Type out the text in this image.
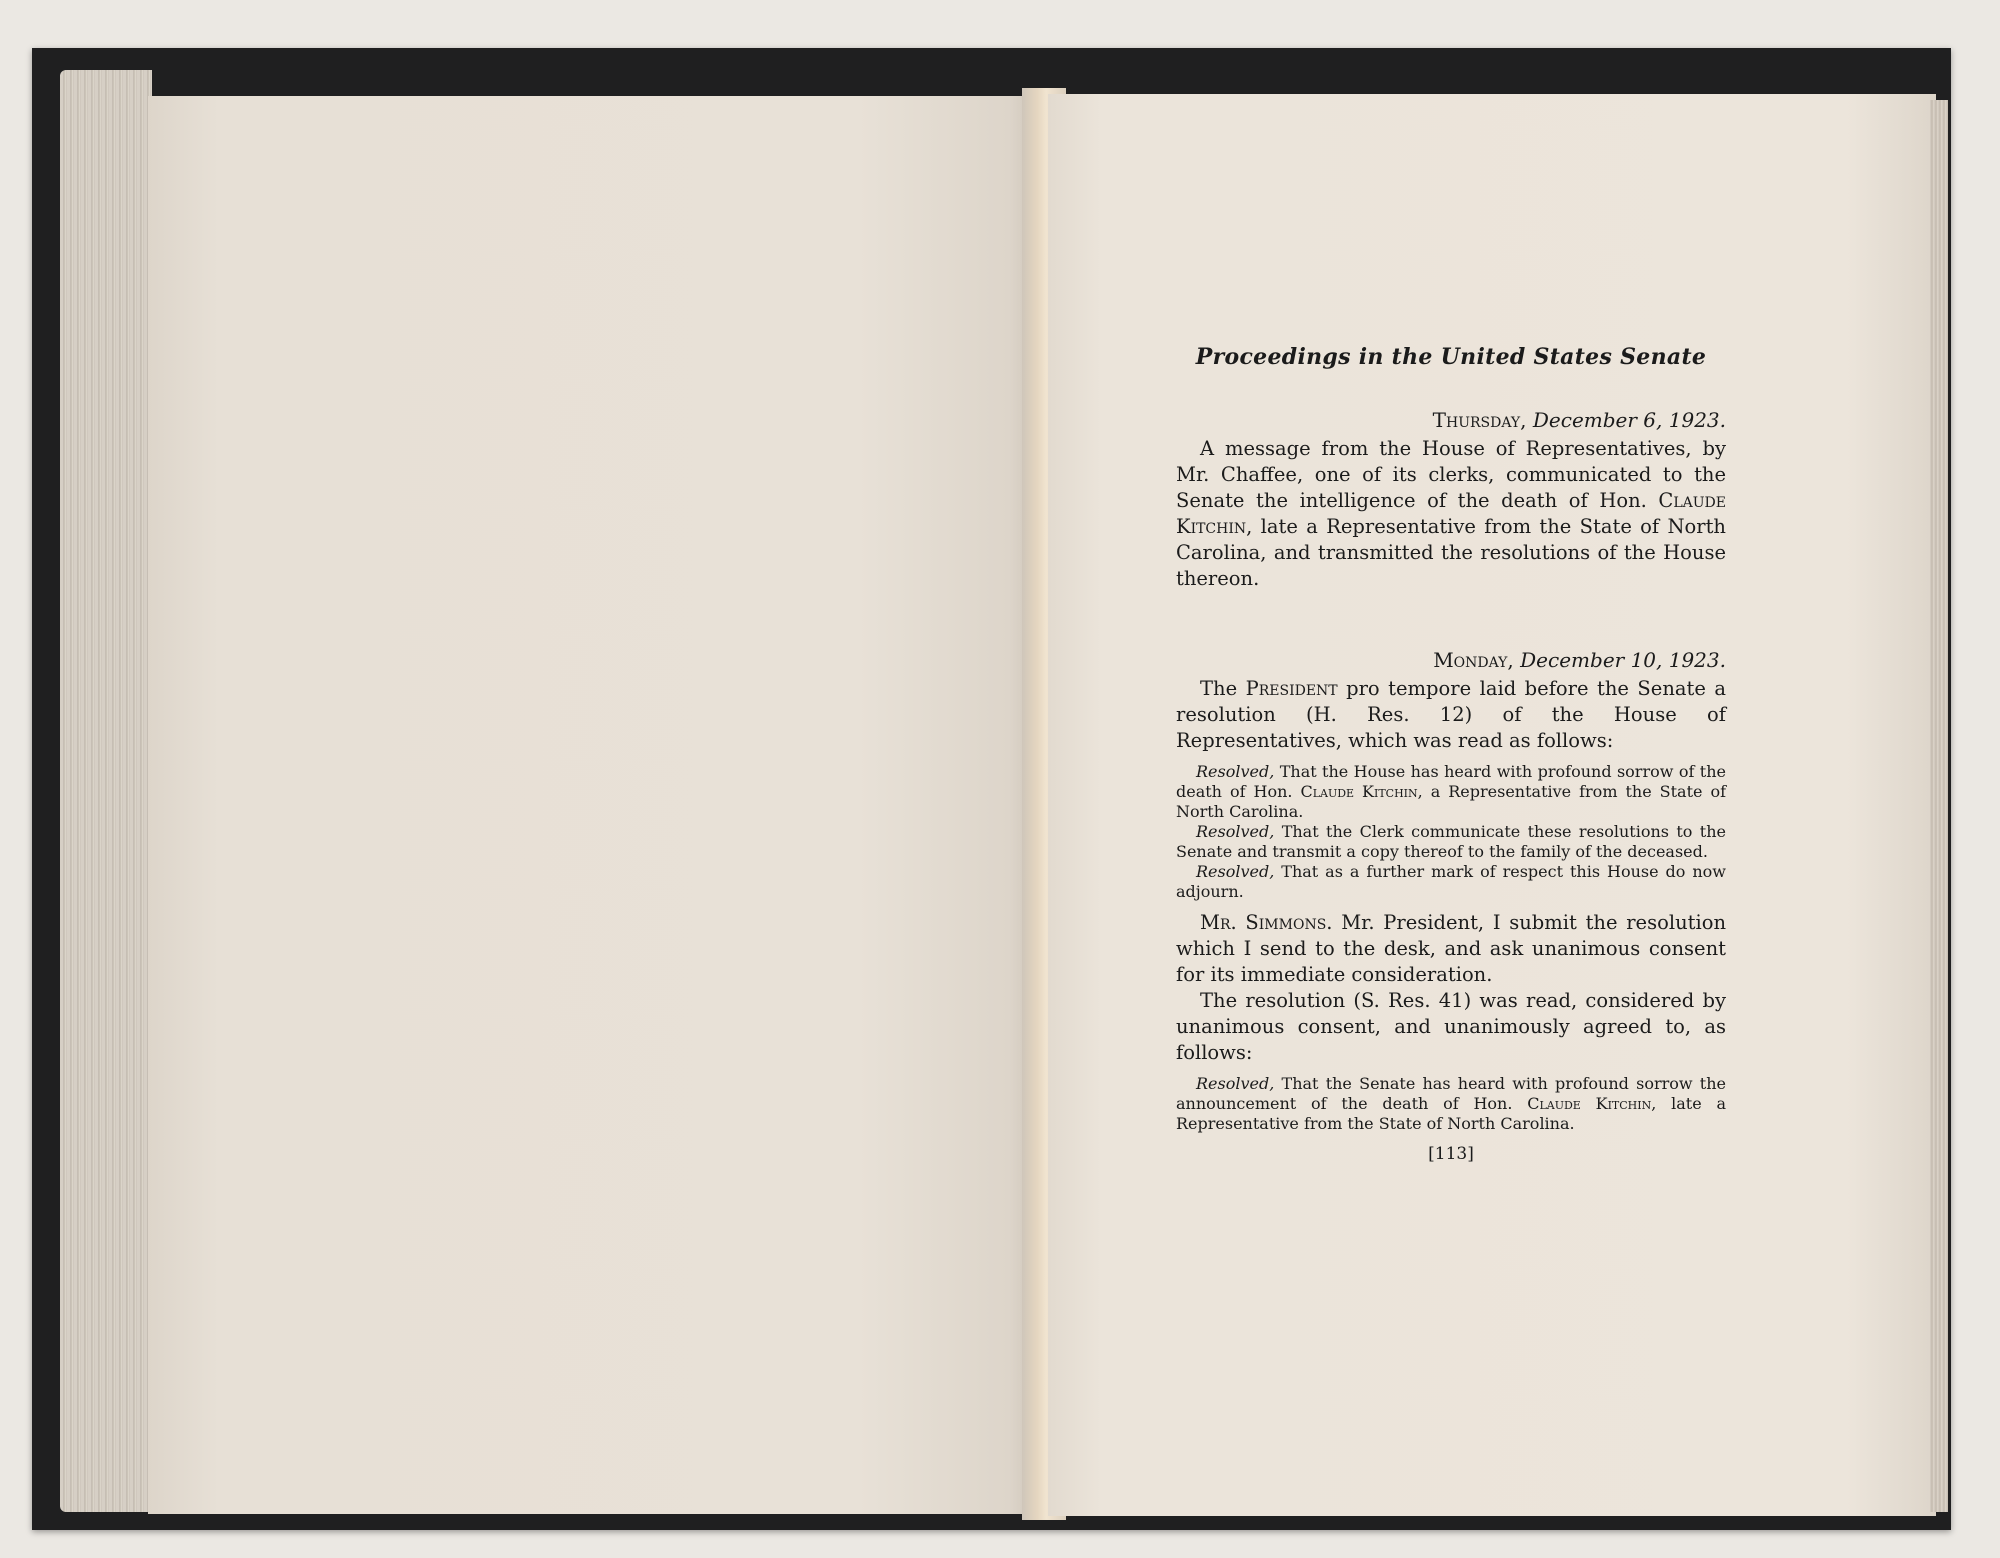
Proceedings in the United States Senate
Thursday, December 6, 1923.

A message from the House of Representatives, by Mr. Chaffee, one of its clerks, communicated to the Senate the intelligence of the death of Hon. Claude Kitchin, late a Representative from the State of North Carolina, and transmitted the resolutions of the House thereon.

Monday, December 10, 1923.

The President pro tempore laid before the Senate a resolution (H. Res. 12) of the House of Representatives, which was read as follows:

Resolved, That the House has heard with profound sorrow of the death of Hon. Claude Kitchin, a Representative from the State of North Carolina.

Resolved, That the Clerk communicate these resolutions to the Senate and transmit a copy thereof to the family of the deceased.

Resolved, That as a further mark of respect this House do now adjourn.

Mr. Simmons. Mr. President, I submit the resolution which I send to the desk, and ask unanimous consent for its immediate consideration.

The resolution (S. Res. 41) was read, considered by unanimous consent, and unanimously agreed to, as follows:

Resolved, That the Senate has heard with profound sorrow the announcement of the death of Hon. Claude Kitchin, late a Representative from the State of North Carolina.

[113]
